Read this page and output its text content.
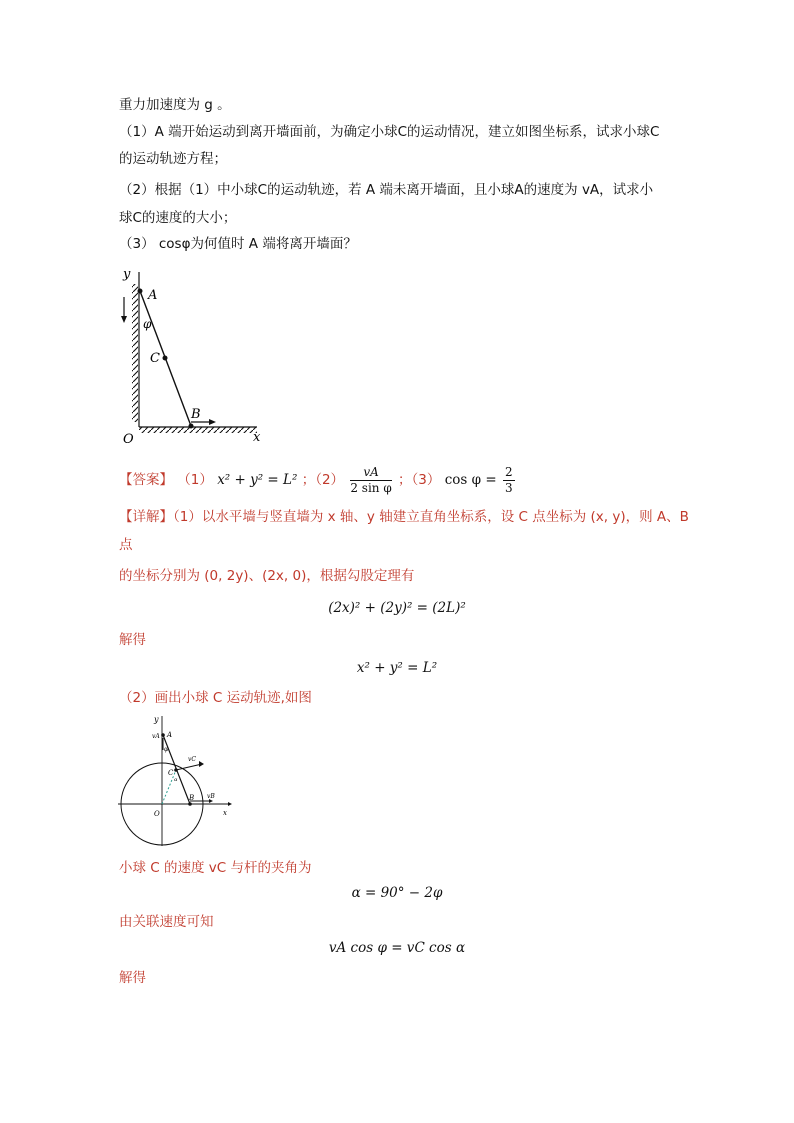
重力加速度为 g 。
（1）A 端开始运动到离开墙面前，为确定小球C的运动情况，建立如图坐标系，试求小球C
的运动轨迹方程；
（2）根据（1）中小球C的运动轨迹，若 A 端未离开墙面，且小球A的速度为 vA，试求小
球C的速度的大小；
（3） cosφ为何值时 A 端将离开墙面？
y
A
φ
C
B
O	x
【答案】 （1） x² + y² = L² ；$(2) \frac{vA}{\text{2 sin φ}}$ ；（3） $\cos \varphi = \frac{2}{3}$
【详解】（1）以水平墙与竖直墙为 x 轴、y 轴建立直角坐标系，设 C 点坐标为 (x, y)，则 A、B
点
的坐标分别为 (0, 2y)、(2x, 0)，根据勾股定理有
(2x)² + (2y)² = (2L)²
解得
x² + y² = L²
（2）画出小球 C 运动轨迹,如图
y
vA A
φ
vC
C
α
B vB
O	x
小球 C 的速度 vC 与杆的夹角为
α = 90° − 2φ
由关联速度可知
vA cos φ = vC cos α
解得
